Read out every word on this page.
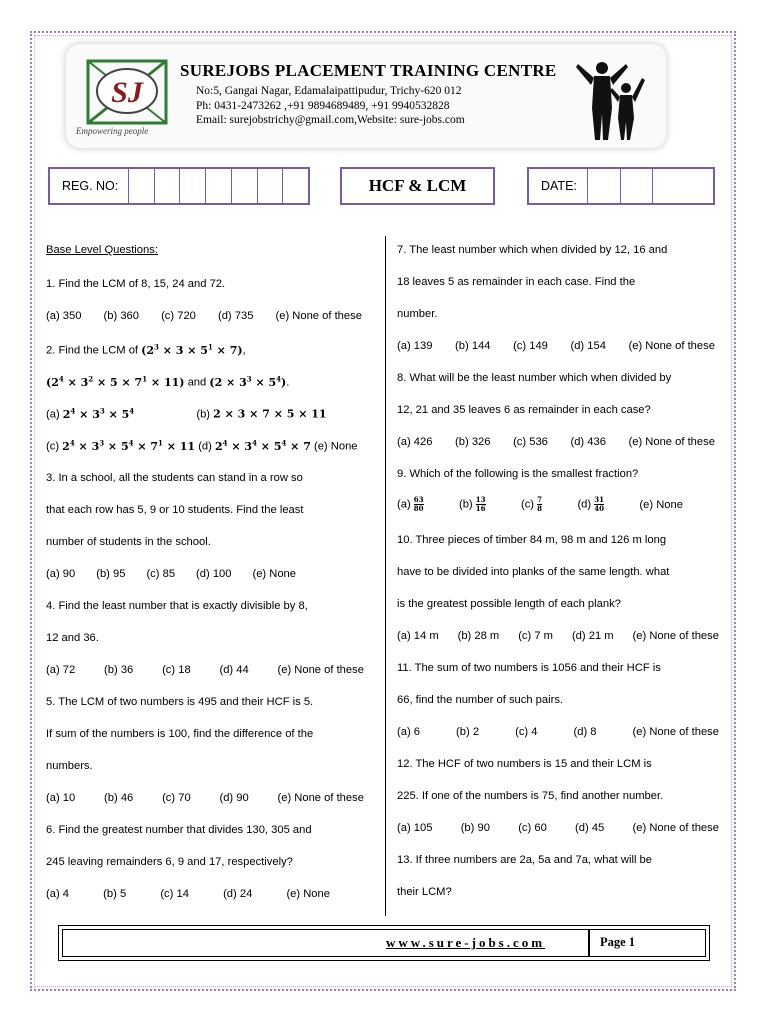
SJ
Empowering people
SUREJOBS PLACEMENT TRAINING CENTRE
No:5, Gangai Nagar, Edamalaipattipudur, Trichy-620 012
Ph: 0431-2473262 ,+91 9894689489, +91 9940532828
Email: surejobstrichy@gmail.com,Website: sure-jobs.com
REG. NO:	HCF & LCM	DATE:
Base Level Questions:
1. Find the LCM of 8, 15, 24 and 72.
(a) 350 (b) 360 (c) 720 (d) 735 (e) None of these
2. Find the LCM of $(2^3 \times 3 \times 5^1 \times 7)$,
$(2^4 \times 3^2 \times 5 \times 7^1 \times 11)$ and $(2 \times 3^3 \times 5^4)$.
(a) $2^4 \times 3^3 \times 5^4$	(b) 2 × 3 × 7 × 5 × 11
(c) $2^4 \times 3^3 \times 5^4 \times 7^1 \times 11$ (d) $2^4 \times 3^4 \times 5^4 \times 7$ (e) None
3. In a school, all the students can stand in a row so
that each row has 5, 9 or 10 students. Find the least
number of students in the school.
(a) 90 (b) 95 (c) 85 (d) 100 (e) None
4. Find the least number that is exactly divisible by 8,
12 and 36.
(a) 72	(b) 36	(c) 18	(d) 44	(e) None of these
5. The LCM of two numbers is 495 and their HCF is 5.
If sum of the numbers is 100, find the difference of the
numbers.
(a) 10	(b) 46	(c) 70	(d) 90	(e) None of these
6. Find the greatest number that divides 130, 305 and
245 leaving remainders 6, 9 and 17, respectively?
(a) 4	(b) 5	(c) 14	(d) 24	(e) None
7. The least number which when divided by 12, 16 and
18 leaves 5 as remainder in each case. Find the
number.
(a) 139 (b) 144 (c) 149 (d) 154 (e) None of these
8. What will be the least number which when divided by
12, 21 and 35 leaves 6 as remainder in each case?
(a) 426 (b) 326 (c) 536 (d) 436 (e) None of these
9. Which of the following is the smallest fraction?
$(a) \frac{63}{80}$	$(b) \frac{13}{16}$	$(c) \frac{7}{8}$	$(d) \frac{31}{40}$	(e) None
10. Three pieces of timber 84 m, 98 m and 126 m long
have to be divided into planks of the same length. what
is the greatest possible length of each plank?
(a) 14 m (b) 28 m (c) 7 m (d) 21 m (e) None of these
11. The sum of two numbers is 1056 and their HCF is
66, find the number of such pairs.
(a) 6	(b) 2	(c) 4	(d) 8	(e) None of these
12. The HCF of two numbers is 15 and their LCM is
225. If one of the numbers is 75, find another number.
(a) 105	(b) 90	(c) 60	(d) 45	(e) None of these
13. If three numbers are 2a, 5a and 7a, what will be
their LCM?
www.sure-jobs.com	Page 1
